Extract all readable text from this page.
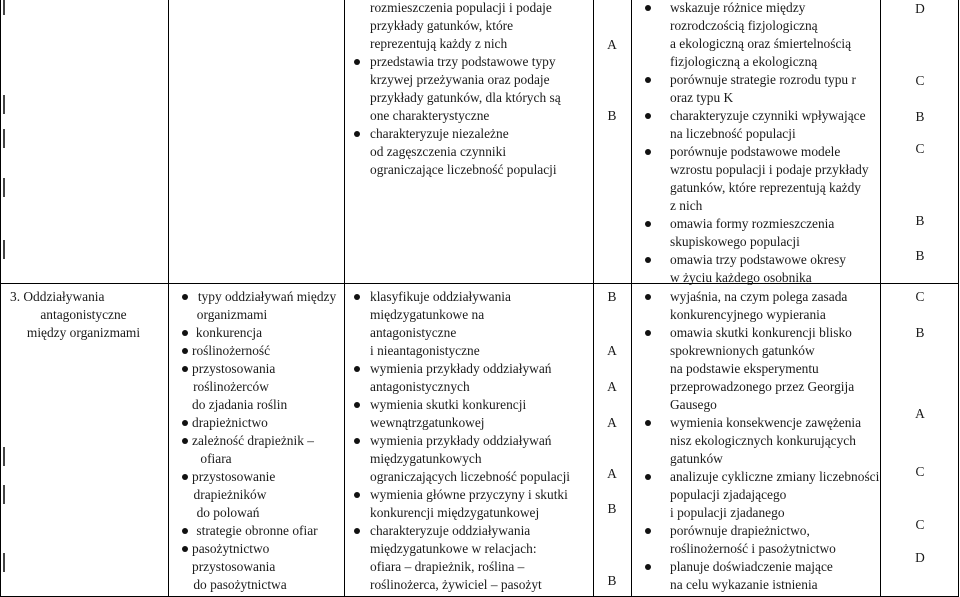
3. Oddziaływania
antagonistyczne
między organizmami
typy oddziaływań między
organizmami
konkurencja
roślinożerność
przystosowania
roślinożerców
do zjadania roślin
drapieżnictwo
zależność drapieżnik –
ofiara
przystosowanie
drapieżników
do polowań
strategie obronne ofiar
pasożytnictwo
przystosowania
do pasożytnictwa
rozmieszczenia populacji i podaje
przykłady gatunków, które
reprezentują każdy z nich
przedstawia trzy podstawowe typy
krzywej przeżywania oraz podaje
przykłady gatunków, dla których są
one charakterystyczne
charakteryzuje niezależne
od zagęszczenia czynniki
ograniczające liczebność populacji
klasyfikuje oddziaływania
międzygatunkowe na
antagonistyczne
i nieantagonistyczne
wymienia przykłady oddziaływań
antagonistycznych
wymienia skutki konkurencji
wewnątrzgatunkowej
wymienia przykłady oddziaływań
międzygatunkowych
ograniczających liczebność populacji
wymienia główne przyczyny i skutki
konkurencji międzygatunkowej
charakteryzuje oddziaływania
międzygatunkowe w relacjach:
ofiara – drapieżnik, roślina –
roślinożerca, żywiciel – pasożyt
A
B
B
A
A
A
A
B
B
wskazuje różnice między
rozrodczością fizjologiczną
a ekologiczną oraz śmiertelnością
fizjologiczną a ekologiczną
porównuje strategie rozrodu typu r
oraz typu K
charakteryzuje czynniki wpływające
na liczebność populacji
porównuje podstawowe modele
wzrostu populacji i podaje przykłady
gatunków, które reprezentują każdy
z nich
omawia formy rozmieszczenia
skupiskowego populacji
omawia trzy podstawowe okresy
w życiu każdego osobnika
wyjaśnia, na czym polega zasada
konkurencyjnego wypierania
omawia skutki konkurencji blisko
spokrewnionych gatunków
na podstawie eksperymentu
przeprowadzonego przez Georgija
Gausego
wymienia konsekwencje zawężenia
nisz ekologicznych konkurujących
gatunków
analizuje cykliczne zmiany liczebności
populacji zjadającego
i populacji zjadanego
porównuje drapieżnictwo,
roślinożerność i pasożytnictwo
planuje doświadczenie mające
na celu wykazanie istnienia
D
C
B
C
B
B
C
B
A
C
C
D
